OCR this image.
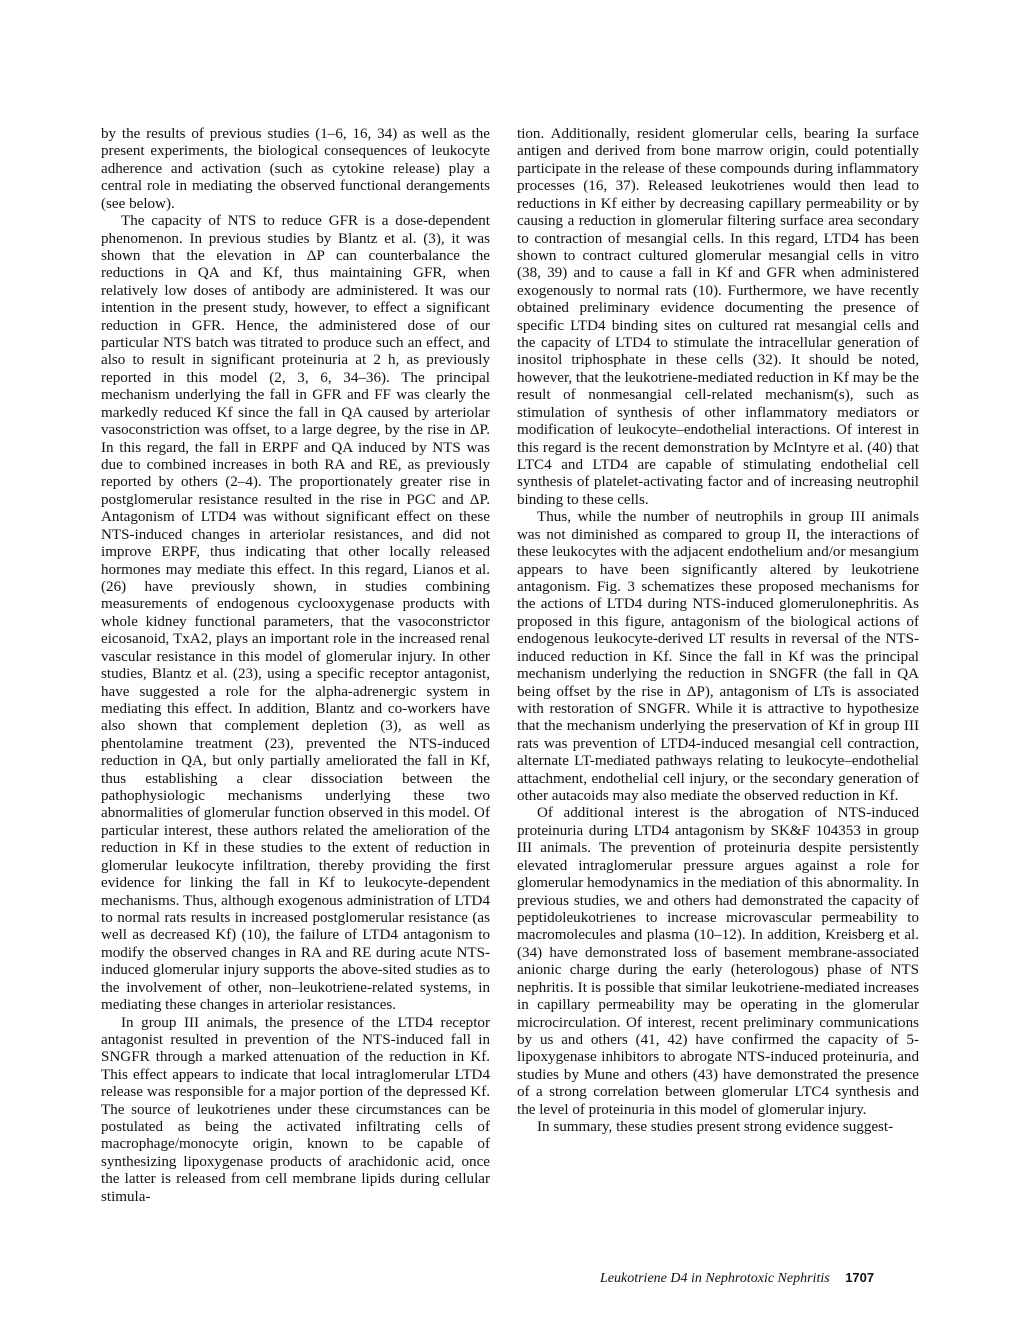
by the results of previous studies (1–6, 16, 34) as well as the present experiments, the biological consequences of leukocyte adherence and activation (such as cytokine release) play a central role in mediating the observed functional derangements (see below).

The capacity of NTS to reduce GFR is a dose-dependent phenomenon. In previous studies by Blantz et al. (3), it was shown that the elevation in ΔP can counterbalance the reductions in QA and Kf, thus maintaining GFR, when relatively low doses of antibody are administered. It was our intention in the present study, however, to effect a significant reduction in GFR. Hence, the administered dose of our particular NTS batch was titrated to produce such an effect, and also to result in significant proteinuria at 2 h, as previously reported in this model (2, 3, 6, 34–36). The principal mechanism underlying the fall in GFR and FF was clearly the markedly reduced Kf since the fall in QA caused by arteriolar vasoconstriction was offset, to a large degree, by the rise in ΔP. In this regard, the fall in ERPF and QA induced by NTS was due to combined increases in both RA and RE, as previously reported by others (2–4). The proportionately greater rise in postglomerular resistance resulted in the rise in PGC and ΔP. Antagonism of LTD4 was without significant effect on these NTS-induced changes in arteriolar resistances, and did not improve ERPF, thus indicating that other locally released hormones may mediate this effect. In this regard, Lianos et al. (26) have previously shown, in studies combining measurements of endogenous cyclooxygenase products with whole kidney functional parameters, that the vasoconstrictor eicosanoid, TxA2, plays an important role in the increased renal vascular resistance in this model of glomerular injury. In other studies, Blantz et al. (23), using a specific receptor antagonist, have suggested a role for the alpha-adrenergic system in mediating this effect. In addition, Blantz and co-workers have also shown that complement depletion (3), as well as phentolamine treatment (23), prevented the NTS-induced reduction in QA, but only partially ameliorated the fall in Kf, thus establishing a clear dissociation between the pathophysiologic mechanisms underlying these two abnormalities of glomerular function observed in this model. Of particular interest, these authors related the amelioration of the reduction in Kf in these studies to the extent of reduction in glomerular leukocyte infiltration, thereby providing the first evidence for linking the fall in Kf to leukocyte-dependent mechanisms. Thus, although exogenous administration of LTD4 to normal rats results in increased postglomerular resistance (as well as decreased Kf) (10), the failure of LTD4 antagonism to modify the observed changes in RA and RE during acute NTS-induced glomerular injury supports the above-sited studies as to the involvement of other, non–leukotriene-related systems, in mediating these changes in arteriolar resistances.

In group III animals, the presence of the LTD4 receptor antagonist resulted in prevention of the NTS-induced fall in SNGFR through a marked attenuation of the reduction in Kf. This effect appears to indicate that local intraglomerular LTD4 release was responsible for a major portion of the depressed Kf. The source of leukotrienes under these circumstances can be postulated as being the activated infiltrating cells of macrophage/monocyte origin, known to be capable of synthesizing lipoxygenase products of arachidonic acid, once the latter is released from cell membrane lipids during cellular stimula-

tion. Additionally, resident glomerular cells, bearing Ia surface antigen and derived from bone marrow origin, could potentially participate in the release of these compounds during inflammatory processes (16, 37). Released leukotrienes would then lead to reductions in Kf either by decreasing capillary permeability or by causing a reduction in glomerular filtering surface area secondary to contraction of mesangial cells. In this regard, LTD4 has been shown to contract cultured glomerular mesangial cells in vitro (38, 39) and to cause a fall in Kf and GFR when administered exogenously to normal rats (10). Furthermore, we have recently obtained preliminary evidence documenting the presence of specific LTD4 binding sites on cultured rat mesangial cells and the capacity of LTD4 to stimulate the intracellular generation of inositol triphosphate in these cells (32). It should be noted, however, that the leukotriene-mediated reduction in Kf may be the result of nonmesangial cell-related mechanism(s), such as stimulation of synthesis of other inflammatory mediators or modification of leukocyte–endothelial interactions. Of interest in this regard is the recent demonstration by McIntyre et al. (40) that LTC4 and LTD4 are capable of stimulating endothelial cell synthesis of platelet-activating factor and of increasing neutrophil binding to these cells.

Thus, while the number of neutrophils in group III animals was not diminished as compared to group II, the interactions of these leukocytes with the adjacent endothelium and/or mesangium appears to have been significantly altered by leukotriene antagonism. Fig. 3 schematizes these proposed mechanisms for the actions of LTD4 during NTS-induced glomerulonephritis. As proposed in this figure, antagonism of the biological actions of endogenous leukocyte-derived LT results in reversal of the NTS-induced reduction in Kf. Since the fall in Kf was the principal mechanism underlying the reduction in SNGFR (the fall in QA being offset by the rise in ΔP), antagonism of LTs is associated with restoration of SNGFR. While it is attractive to hypothesize that the mechanism underlying the preservation of Kf in group III rats was prevention of LTD4-induced mesangial cell contraction, alternate LT-mediated pathways relating to leukocyte–endothelial attachment, endothelial cell injury, or the secondary generation of other autacoids may also mediate the observed reduction in Kf.

Of additional interest is the abrogation of NTS-induced proteinuria during LTD4 antagonism by SK&F 104353 in group III animals. The prevention of proteinuria despite persistently elevated intraglomerular pressure argues against a role for glomerular hemodynamics in the mediation of this abnormality. In previous studies, we and others had demonstrated the capacity of peptidoleukotrienes to increase microvascular permeability to macromolecules and plasma (10–12). In addition, Kreisberg et al. (34) have demonstrated loss of basement membrane-associated anionic charge during the early (heterologous) phase of NTS nephritis. It is possible that similar leukotriene-mediated increases in capillary permeability may be operating in the glomerular microcirculation. Of interest, recent preliminary communications by us and others (41, 42) have confirmed the capacity of 5-lipoxygenase inhibitors to abrogate NTS-induced proteinuria, and studies by Mune and others (43) have demonstrated the presence of a strong correlation between glomerular LTC4 synthesis and the level of proteinuria in this model of glomerular injury.

In summary, these studies present strong evidence suggest-

Leukotriene D4 in Nephrotoxic Nephritis 1707
